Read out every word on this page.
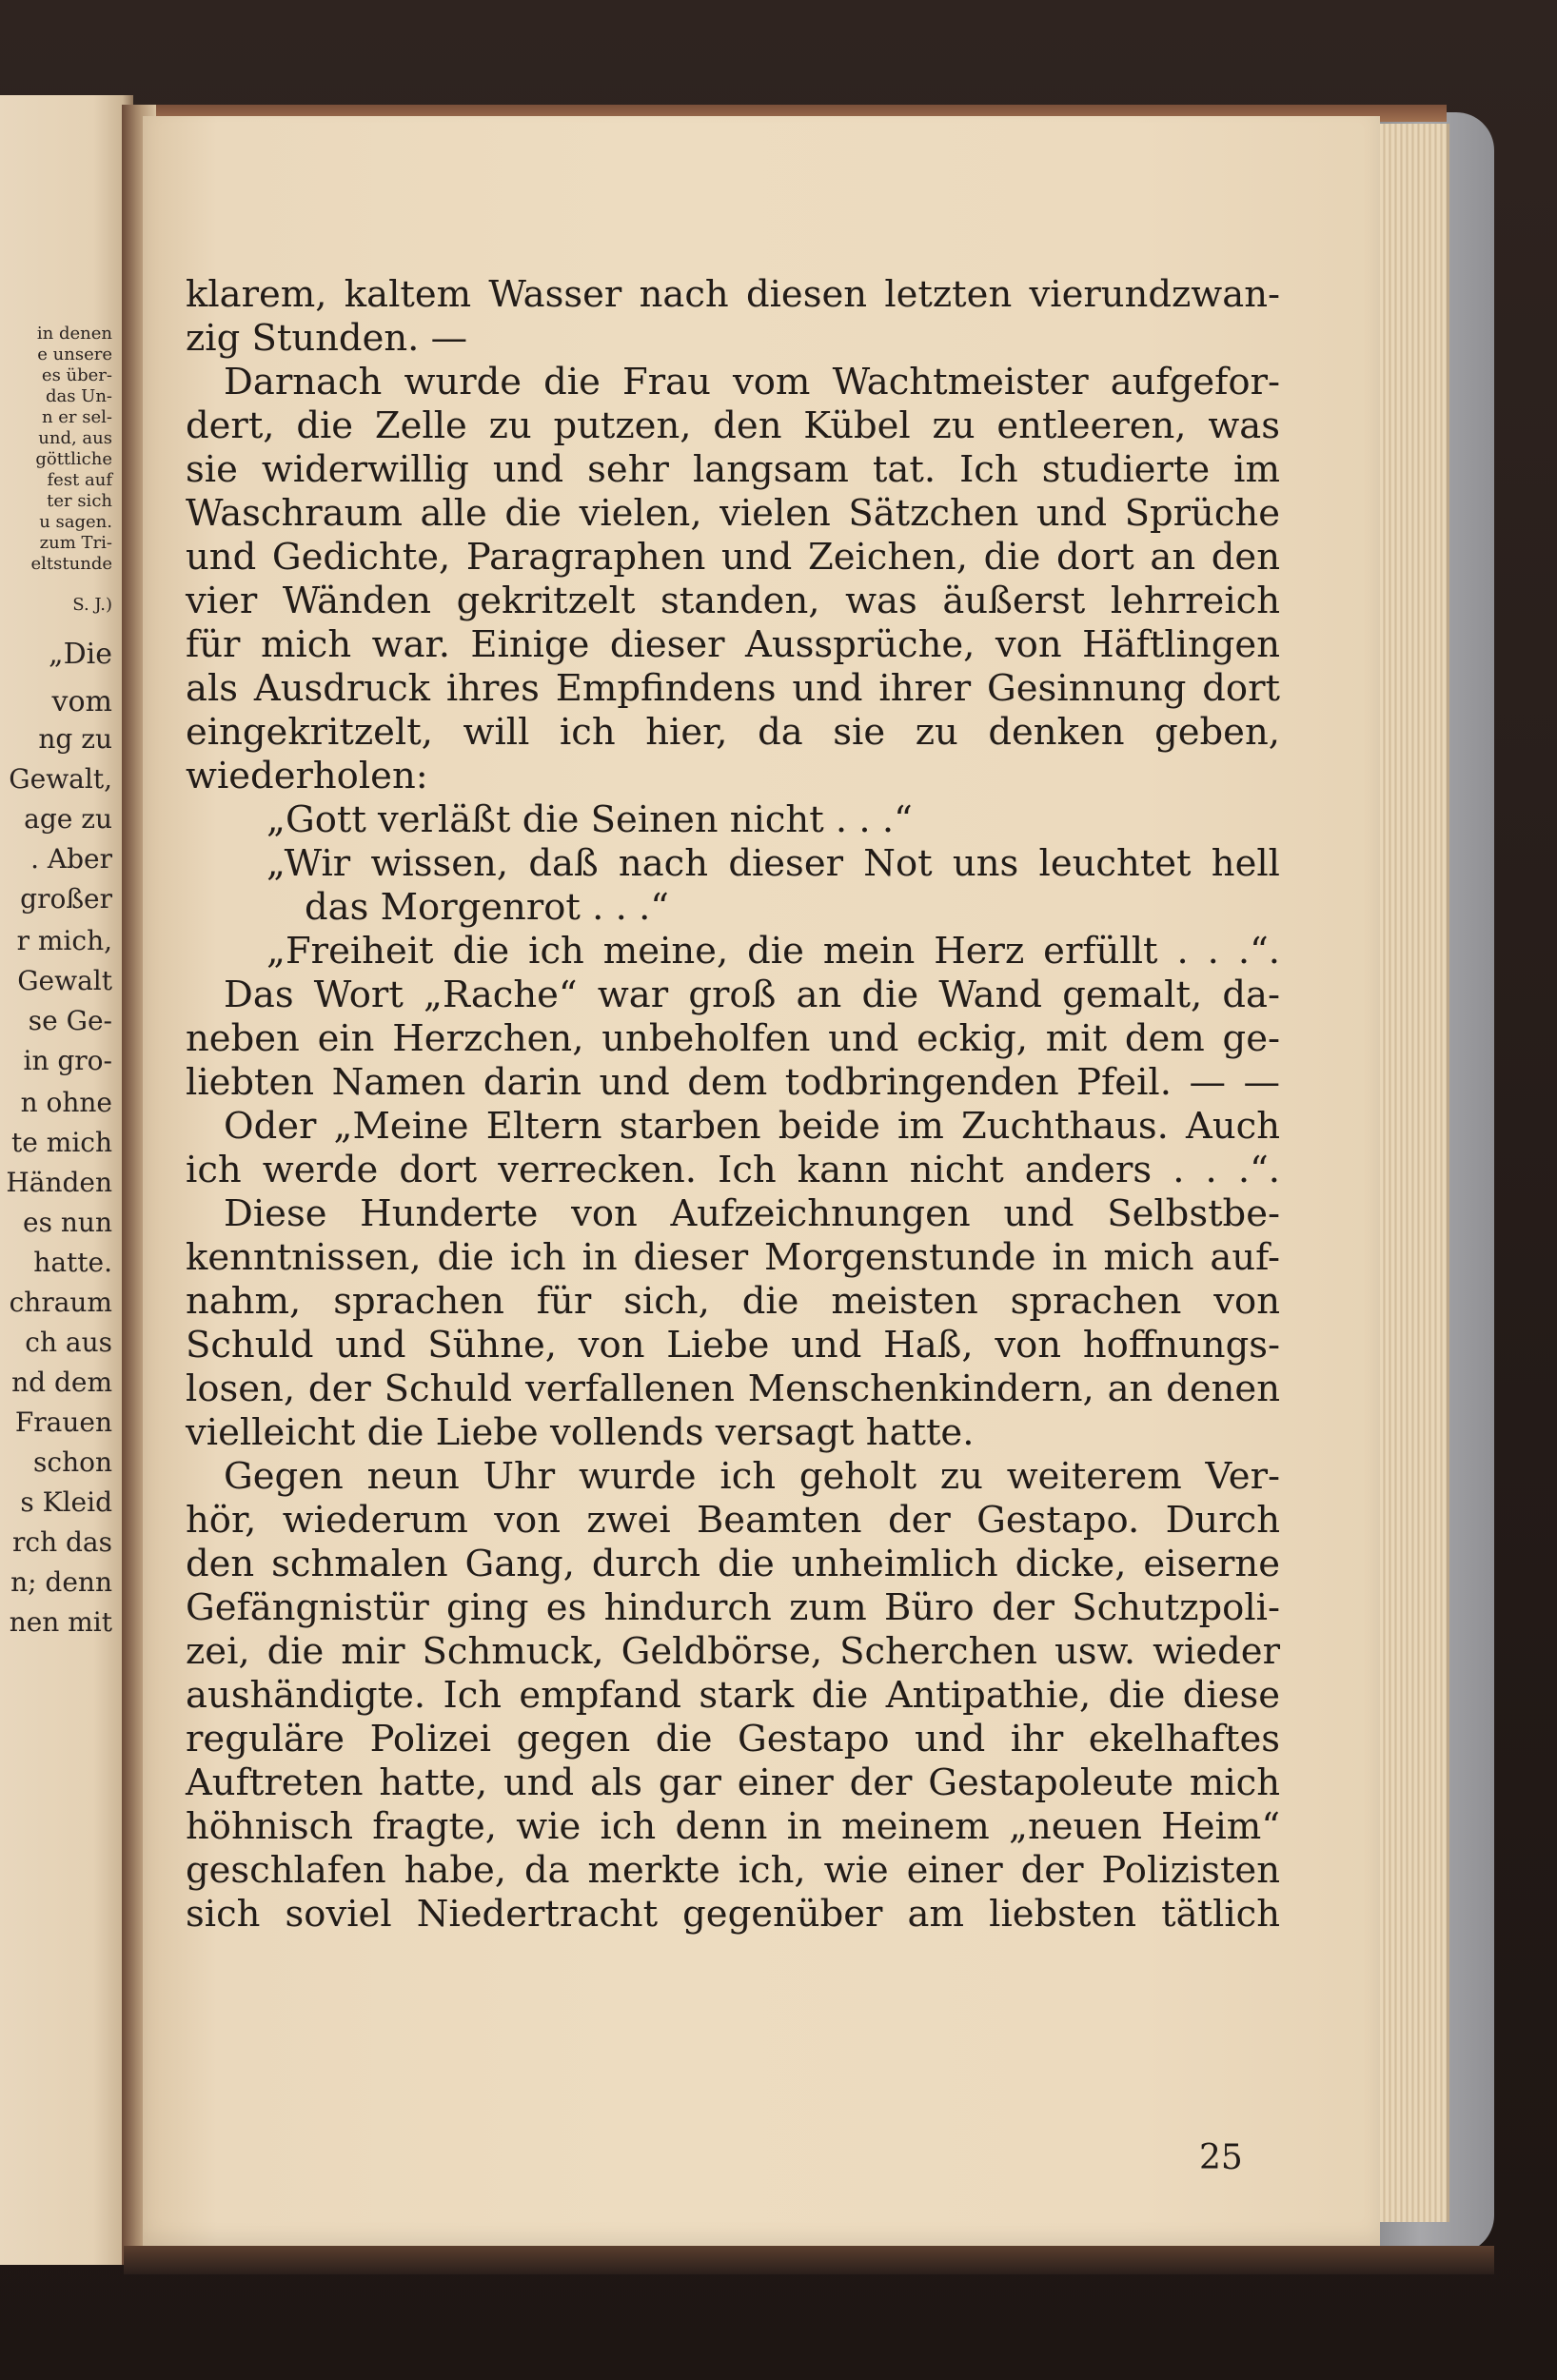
in denen
e unsere
es über-
das Un-
n er sel-
und, aus
göttliche
fest auf
ter sich
u sagen.
zum Tri-
eltstunde
S. J.)
„Die
vom
ng zu
Gewalt,
age zu
. Aber
großer
r mich,
Gewalt
se Ge-
in gro-
n ohne
te mich
Händen
es nun
hatte.
chraum
ch aus
nd dem
Frauen
schon
s Kleid
rch das
n; denn
nen mit
klarem, kaltem Wasser nach diesen letzten vierundzwan-
zig Stunden. —
Darnach wurde die Frau vom Wachtmeister aufgefor-
dert, die Zelle zu putzen, den Kübel zu entleeren, was
sie widerwillig und sehr langsam tat. Ich studierte im
Waschraum alle die vielen, vielen Sätzchen und Sprüche
und Gedichte, Paragraphen und Zeichen, die dort an den
vier Wänden gekritzelt standen, was äußerst lehrreich
für mich war. Einige dieser Aussprüche, von Häftlingen
als Ausdruck ihres Empfindens und ihrer Gesinnung dort
eingekritzelt, will ich hier, da sie zu denken geben,
wiederholen:
„Gott verläßt die Seinen nicht . . .“
„Wir wissen, daß nach dieser Not uns leuchtet hell
das Morgenrot . . .“
„Freiheit die ich meine, die mein Herz erfüllt . . .“.
Das Wort „Rache“ war groß an die Wand gemalt, da-
neben ein Herzchen, unbeholfen und eckig, mit dem ge-
liebten Namen darin und dem todbringenden Pfeil. — —
Oder „Meine Eltern starben beide im Zuchthaus. Auch
ich werde dort verrecken. Ich kann nicht anders . . .“.
Diese Hunderte von Aufzeichnungen und Selbstbe-
kenntnissen, die ich in dieser Morgenstunde in mich auf-
nahm, sprachen für sich, die meisten sprachen von
Schuld und Sühne, von Liebe und Haß, von hoffnungs-
losen, der Schuld verfallenen Menschenkindern, an denen
vielleicht die Liebe vollends versagt hatte.
Gegen neun Uhr wurde ich geholt zu weiterem Ver-
hör, wiederum von zwei Beamten der Gestapo. Durch
den schmalen Gang, durch die unheimlich dicke, eiserne
Gefängnistür ging es hindurch zum Büro der Schutzpoli-
zei, die mir Schmuck, Geldbörse, Scherchen usw. wieder
aushändigte. Ich empfand stark die Antipathie, die diese
reguläre Polizei gegen die Gestapo und ihr ekelhaftes
Auftreten hatte, und als gar einer der Gestapoleute mich
höhnisch fragte, wie ich denn in meinem „neuen Heim“
geschlafen habe, da merkte ich, wie einer der Polizisten
sich soviel Niedertracht gegenüber am liebsten tätlich
25
